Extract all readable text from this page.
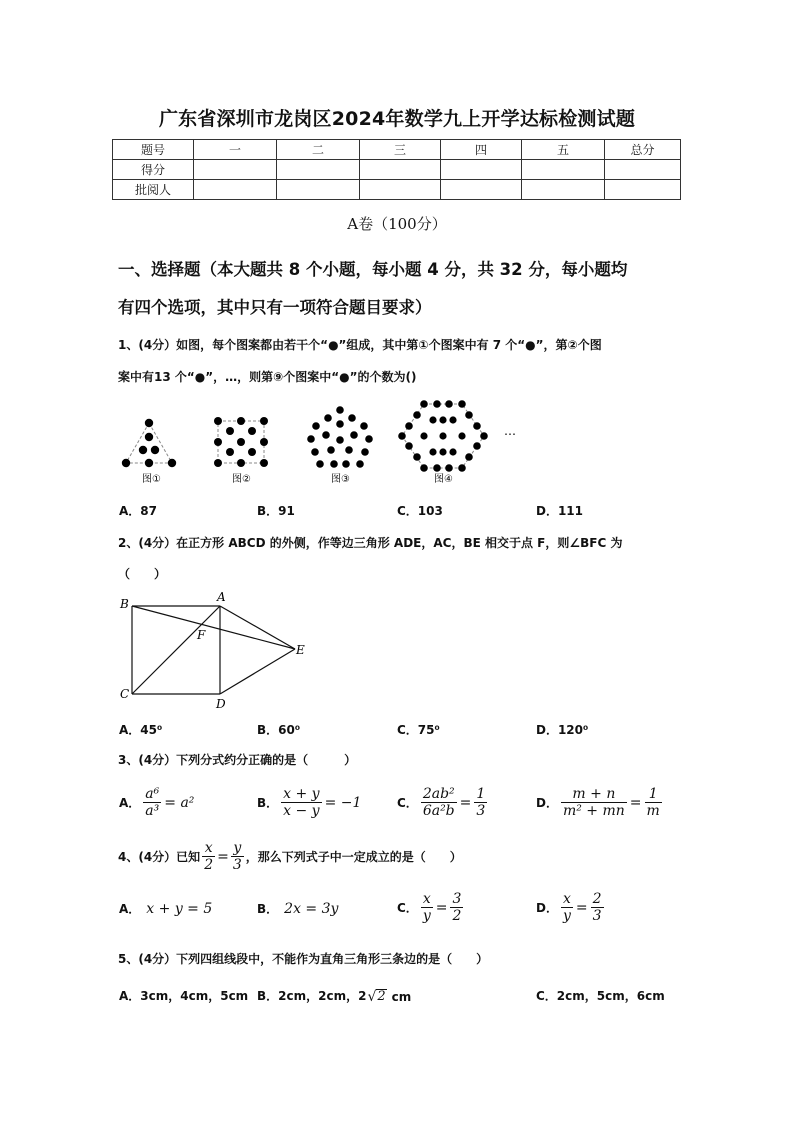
广东省深圳市龙岗区2024年数学九上开学达标检测试题
题号	一	二	三	四	五	总分
得分						
批阅人						
A卷（100分）
一、选择题（本大题共 8 个小题，每小题 4 分，共 32 分，每小题均
有四个选项，其中只有一项符合题目要求）
1、(4分）如图，每个图案都由若干个“●”组成，其中第①个图案中有 7 个“●”，第②个图
案中有13 个“●”，…，则第⑨个图案中“●”的个数为()
图①	图②	图③	图④
…
A．87	B．91	C．103	D．111
2、(4分）在正方形 ABCD 的外侧，作等边三角形 ADE，AC，BE 相交于点 F，则∠BFC 为
（　　）
B	A
F
E
C
D
A．45⁰	B．60⁰	C．75⁰	D．120⁰
3、(4分）下列分式约分正确的是（　　　）
A． $\frac{\text{a⁶}}{\text{a³}} = a^2$	B． $\frac{x + y}{x - y} = -1$	C． $\frac{\text{2ab²}}{\text{6a²b}} = \frac{1}{3}$	D． $\frac{m + n}{\text{m² + mn}} = \frac{1}{m}$
4、(4分）已知 $\frac{x}{2} = \frac{y}{3}$ ，那么下列式子中一定成立的是（　　）
A． x + y = 5	B． 2x = 3y	C． $\frac{x}{y} = \frac{3}{2}$	D． $\frac{x}{y} = \frac{2}{3}$
5、(4分）下列四组线段中，不能作为直角三角形三条边的是（　　）
A．3cm，4cm，5cm B．2cm，2cm，2 √ 2 cm	C．2cm，5cm，6cm
